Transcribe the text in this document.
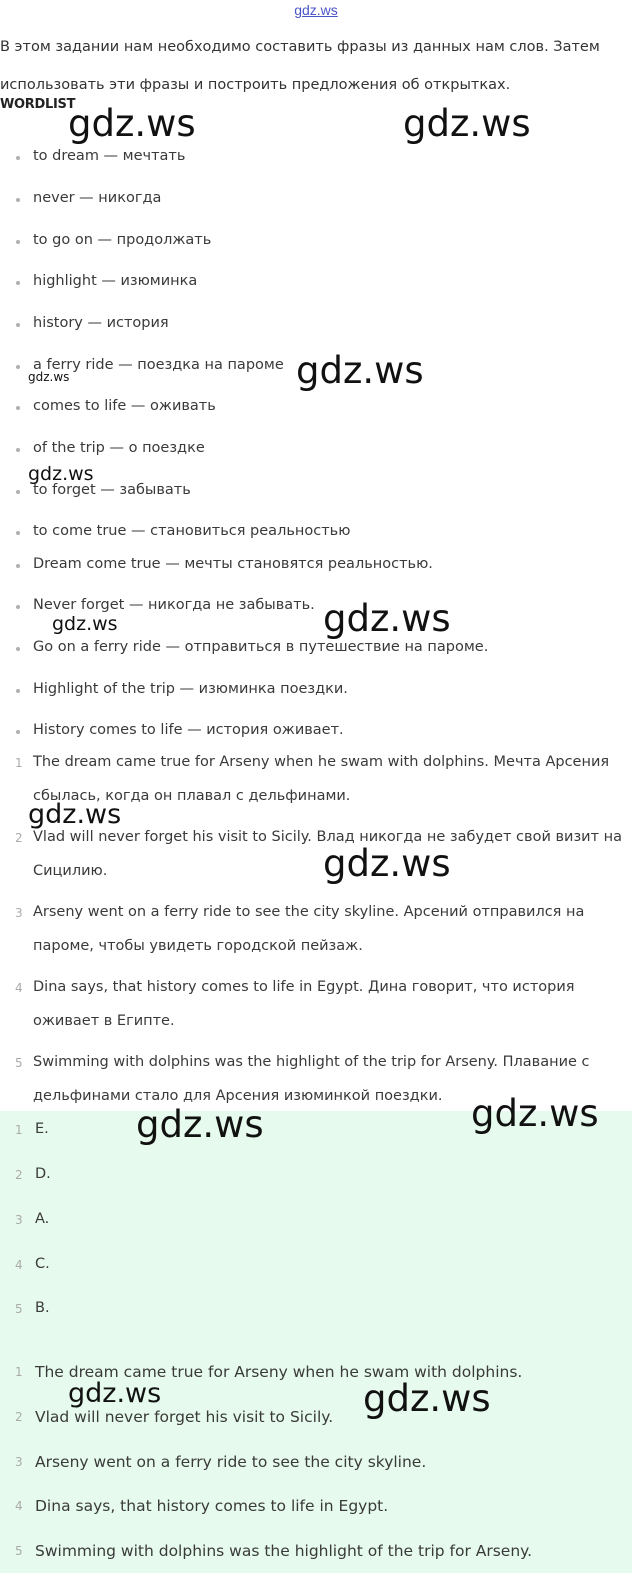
gdz.ws
В этом задании нам необходимо составить фразы из данных нам слов. Затем использовать эти фразы и построить предложения об открытках.
WORDLIST
to dream — мечтать
never — никогда
to go on — продолжать
highlight — изюминка
history — история
a ferry ride — поездка на пароме
comes to life — оживать
of the trip — о поездке
to forget — забывать
to come true — становиться реальностью
Dream come true — мечты становятся реальностью.
Never forget — никогда не забывать.
Go on a ferry ride — отправиться в путешествие на пароме.
Highlight of the trip — изюминка поездки.
History comes to life — история оживает.
1 The dream came true for Arseny when he swam with dolphins. Мечта Арсения сбылась, когда он плавал с дельфинами.
2 Vlad will never forget his visit to Sicily. Влад никогда не забудет свой визит на Сицилию.
3 Arseny went on a ferry ride to see the city skyline. Арсений отправился на пароме, чтобы увидеть городской пейзаж.
4 Dina says, that history comes to life in Egypt. Дина говорит, что история оживает в Египте.
5 Swimming with dolphins was the highlight of the trip for Arseny. Плавание с дельфинами стало для Арсения изюминкой поездки.
1 E.
2 D.
3 A.
4 C.
5 B.
1 The dream came true for Arseny when he swam with dolphins.
2 Vlad will never forget his visit to Sicily.
3 Arseny went on a ferry ride to see the city skyline.
4 Dina says, that history comes to life in Egypt.
5 Swimming with dolphins was the highlight of the trip for Arseny.
gdz.ws	gdz.ws
gdz.ws
gdz.ws
gdz.ws
gdz.ws
gdz.ws
gdz.ws
gdz.ws
gdz.ws
gdz.ws
gdz.ws	gdz.ws
